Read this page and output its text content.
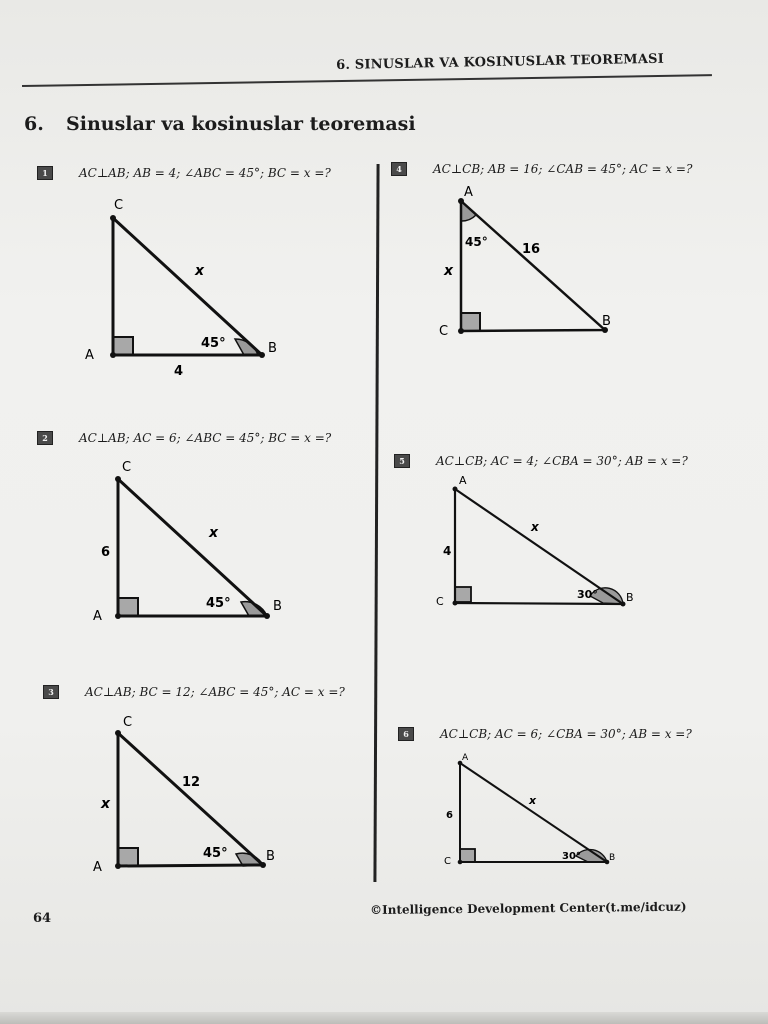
6. SINUSLAR VA KOSINUSLAR TEOREMASI
6. Sinuslar va kosinuslar teoremasi
1	AC⊥AB; AB = 4; ∠ABC = 45°; BC = x =?
C
A	B
x
4
45°
2	AC⊥AB; AC = 6; ∠ABC = 45°; BC = x =?
C
A
B
x
6
45°
3	AC⊥AB; BC = 12; ∠ABC = 45°; AC = x =?
C
A
B
12
x
45°
4	AC⊥CB; AB = 16; ∠CAB = 45°; AC = x =?
A
C
B
16
x
45°
5	AC⊥CB; AC = 4; ∠CBA = 30°; AB = x =?
A
C	B
x
4
30°
6	AC⊥CB; AC = 6; ∠CBA = 30°; AB = x =?
A
C	B
x
6
30°
64
©Intelligence Development Center(t.me/idcuz)
